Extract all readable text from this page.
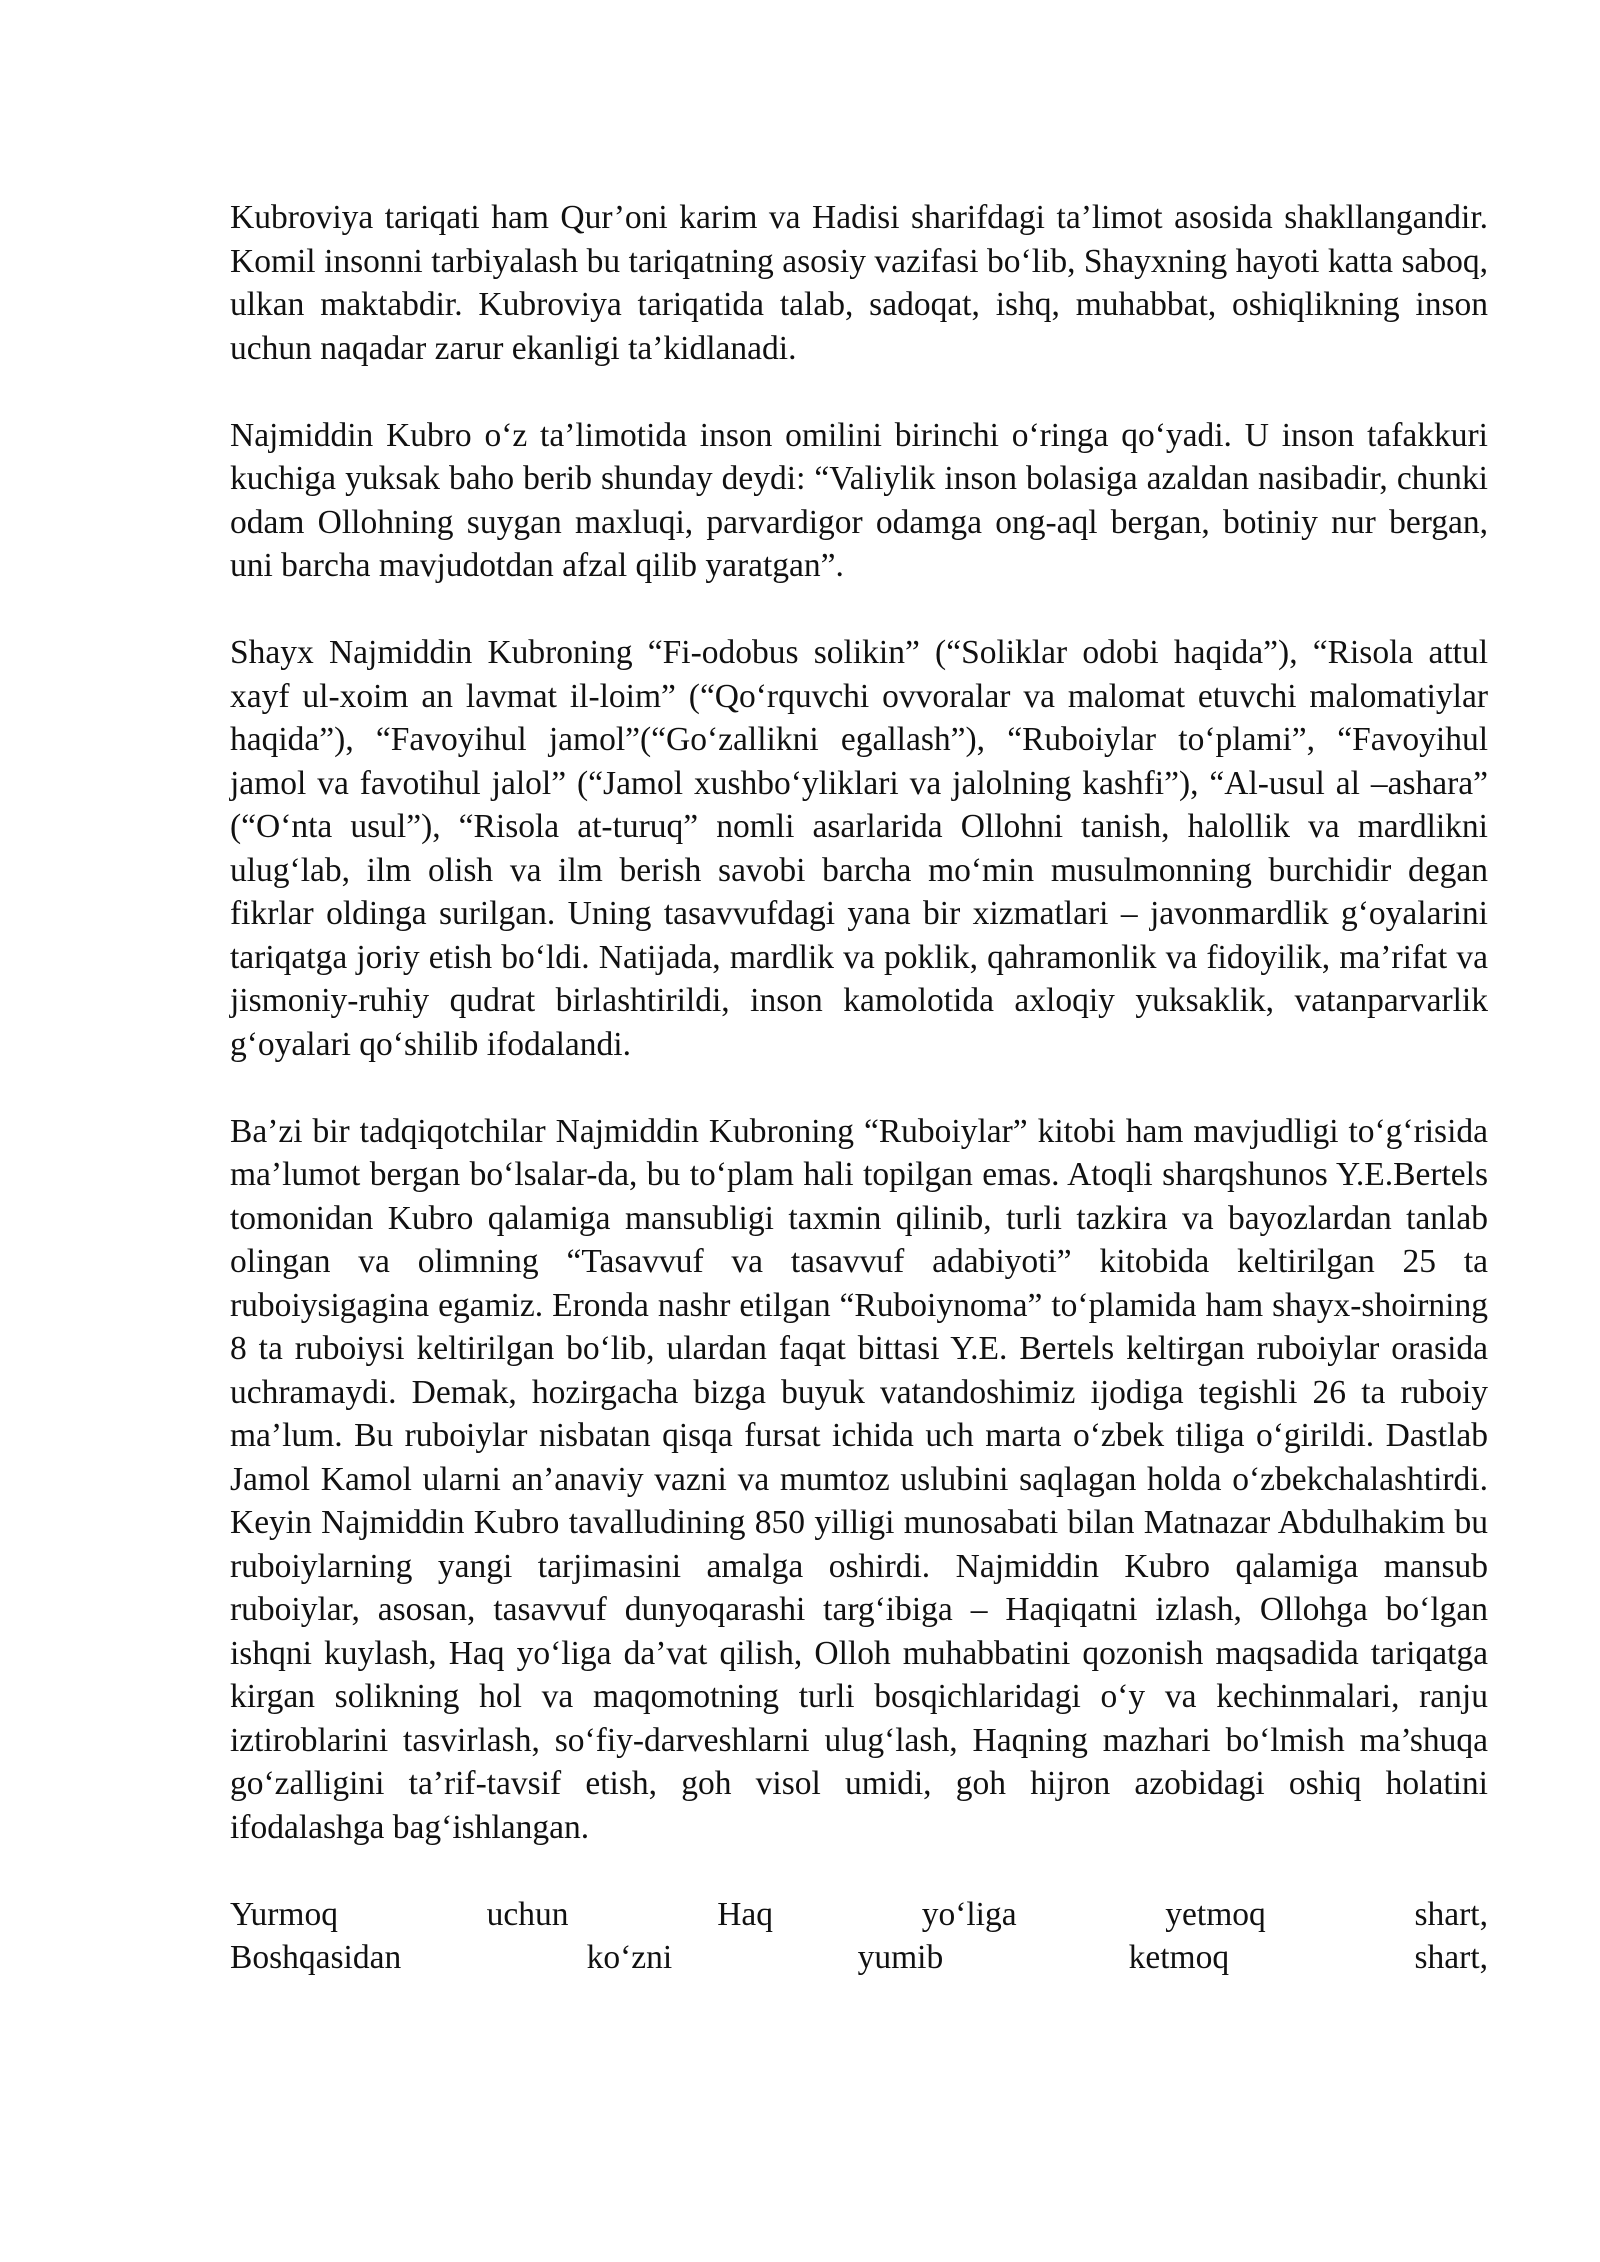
Kubroviya tariqati ham Qur’oni karim va Hadisi sharifdagi ta’limot asosida shakllangandir. Komil insonni tarbiyalash bu tariqatning asosiy vazifasi bo‘lib, Shayxning hayoti katta saboq, ulkan maktabdir. Kubroviya tariqatida talab, sadoqat, ishq, muhabbat, oshiqlikning inson uchun naqadar zarur ekanligi ta’kidlanadi.

Najmiddin Kubro o‘z ta’limotida inson omilini birinchi o‘ringa qo‘yadi. U inson tafakkuri kuchiga yuksak baho berib shunday deydi: “Valiylik inson bolasiga azaldan nasibadir, chunki odam Ollohning suygan maxluqi, parvardigor odamga ong-aql bergan, botiniy nur bergan, uni barcha mavjudotdan afzal qilib yaratgan”.

Shayx Najmiddin Kubroning “Fi-odobus solikin” (“Soliklar odobi haqida”), “Risola attul xayf ul-xoim an lavmat il-loim” (“Qo‘rquvchi ovvoralar va malomat etuvchi malomatiylar haqida”), “Favoyihul jamol”(“Go‘zallikni egallash”), “Ruboiylar to‘plami”, “Favoyihul jamol va favotihul jalol” (“Jamol xushbo‘yliklari va jalolning kashfi”), “Al-usul al –ashara” (“O‘nta usul”), “Risola at-turuq” nomli asarlarida Ollohni tanish, halollik va mardlikni ulug‘lab, ilm olish va ilm berish savobi barcha mo‘min musulmonning burchidir degan fikrlar oldinga surilgan. Uning tasavvufdagi yana bir xizmatlari – javonmardlik g‘oyalarini tariqatga joriy etish bo‘ldi. Natijada, mardlik va poklik, qahramonlik va fidoyilik, ma’rifat va jismoniy-ruhiy qudrat birlashtirildi, inson kamolotida axloqiy yuksaklik, vatanparvarlik g‘oyalari qo‘shilib ifodalandi.

Ba’zi bir tadqiqotchilar Najmiddin Kubroning “Ruboiylar” kitobi ham mavjudligi to‘g‘risida ma’lumot bergan bo‘lsalar-da, bu to‘plam hali topilgan emas. Atoqli sharqshunos Y.E.Bertels tomonidan Kubro qalamiga mansubligi taxmin qilinib, turli tazkira va bayozlardan tanlab olingan va olimning “Tasavvuf va tasavvuf adabiyoti” kitobida keltirilgan 25 ta ruboiysigagina egamiz. Eronda nashr etilgan “Ruboiynoma” to‘plamida ham shayx-shoirning 8 ta ruboiysi keltirilgan bo‘lib, ulardan faqat bittasi Y.E. Bertels keltirgan ruboiylar orasida uchramaydi. Demak, hozirgacha bizga buyuk vatandoshimiz ijodiga tegishli 26 ta ruboiy ma’lum. Bu ruboiylar nisbatan qisqa fursat ichida uch marta o‘zbek tiliga o‘girildi. Dastlab Jamol Kamol ularni an’anaviy vazni va mumtoz uslubini saqlagan holda o‘zbekchalashtirdi. Keyin Najmiddin Kubro tavalludining 850 yilligi munosabati bilan Matnazar Abdulhakim bu ruboiylarning yangi tarjimasini amalga oshirdi. Najmiddin Kubro qalamiga mansub ruboiylar, asosan, tasavvuf dunyoqarashi targ‘ibiga – Haqiqatni izlash, Ollohga bo‘lgan ishqni kuylash, Haq yo‘liga da’vat qilish, Olloh muhabbatini qozonish maqsadida tariqatga kirgan solikning hol va maqomotning turli bosqichlaridagi o‘y va kechinmalari, ranju iztiroblarini tasvirlash, so‘fiy-darveshlarni ulug‘lash, Haqning mazhari bo‘lmish ma’shuqa go‘zalligini ta’rif-tavsif etish, goh visol umidi, goh hijron azobidagi oshiq holatini ifodalashga bag‘ishlangan.

Yurmoq uchun Haq yo‘liga yetmoq shart,
Boshqasidan ko‘zni yumib ketmoq shart,
